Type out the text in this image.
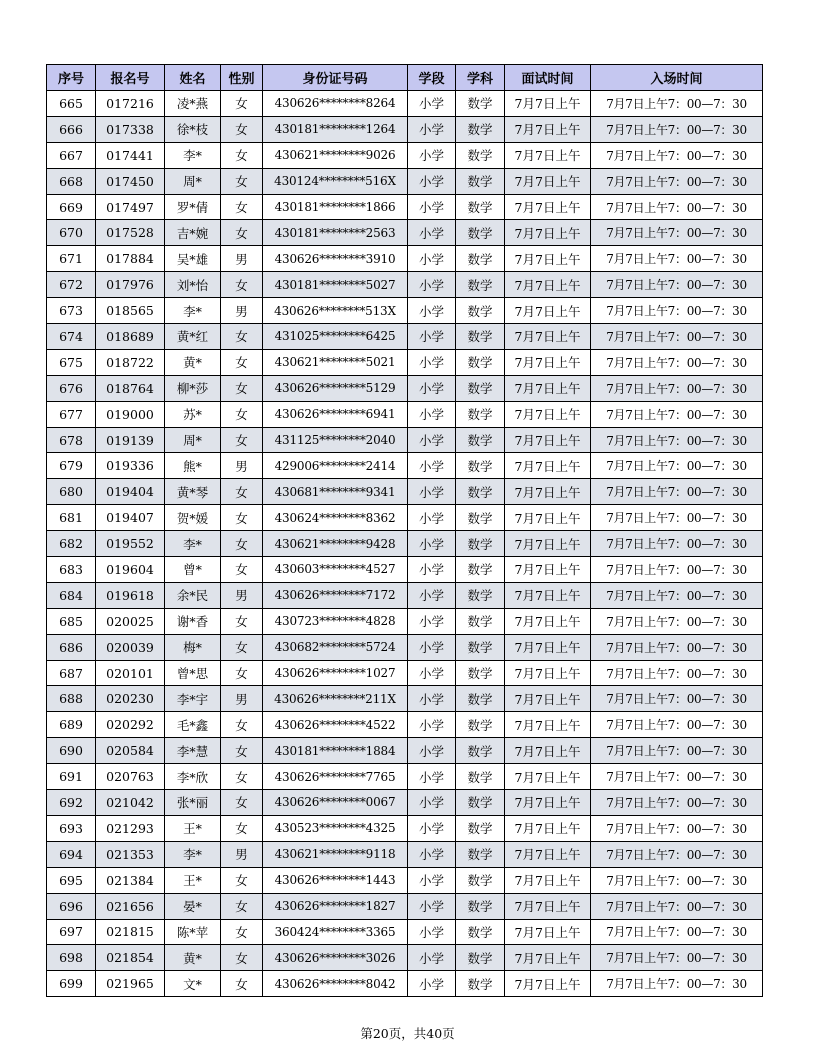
序号	报名号	姓名	性别	身份证号码	学段	学科	面试时间	入场时间
665	017216	凌*燕	女	430626********8264	小学	数学	7月7日上午	7月7日上午7：00—7：30
666	017338	徐*枝	女	430181********1264	小学	数学	7月7日上午	7月7日上午7：00—7：30
667	017441	李*	女	430621********9026	小学	数学	7月7日上午	7月7日上午7：00—7：30
668	017450	周*	女	430124********516X	小学	数学	7月7日上午	7月7日上午7：00—7：30
669	017497	罗*倩	女	430181********1866	小学	数学	7月7日上午	7月7日上午7：00—7：30
670	017528	吉*婉	女	430181********2563	小学	数学	7月7日上午	7月7日上午7：00—7：30
671	017884	吴*雄	男	430626********3910	小学	数学	7月7日上午	7月7日上午7：00—7：30
672	017976	刘*怡	女	430181********5027	小学	数学	7月7日上午	7月7日上午7：00—7：30
673	018565	李*	男	430626********513X	小学	数学	7月7日上午	7月7日上午7：00—7：30
674	018689	黄*红	女	431025********6425	小学	数学	7月7日上午	7月7日上午7：00—7：30
675	018722	黄*	女	430621********5021	小学	数学	7月7日上午	7月7日上午7：00—7：30
676	018764	柳*莎	女	430626********5129	小学	数学	7月7日上午	7月7日上午7：00—7：30
677	019000	苏*	女	430626********6941	小学	数学	7月7日上午	7月7日上午7：00—7：30
678	019139	周*	女	431125********2040	小学	数学	7月7日上午	7月7日上午7：00—7：30
679	019336	熊*	男	429006********2414	小学	数学	7月7日上午	7月7日上午7：00—7：30
680	019404	黄*琴	女	430681********9341	小学	数学	7月7日上午	7月7日上午7：00—7：30
681	019407	贺*媛	女	430624********8362	小学	数学	7月7日上午	7月7日上午7：00—7：30
682	019552	李*	女	430621********9428	小学	数学	7月7日上午	7月7日上午7：00—7：30
683	019604	曾*	女	430603********4527	小学	数学	7月7日上午	7月7日上午7：00—7：30
684	019618	余*民	男	430626********7172	小学	数学	7月7日上午	7月7日上午7：00—7：30
685	020025	谢*香	女	430723********4828	小学	数学	7月7日上午	7月7日上午7：00—7：30
686	020039	梅*	女	430682********5724	小学	数学	7月7日上午	7月7日上午7：00—7：30
687	020101	曾*思	女	430626********1027	小学	数学	7月7日上午	7月7日上午7：00—7：30
688	020230	李*宇	男	430626********211X	小学	数学	7月7日上午	7月7日上午7：00—7：30
689	020292	毛*鑫	女	430626********4522	小学	数学	7月7日上午	7月7日上午7：00—7：30
690	020584	李*慧	女	430181********1884	小学	数学	7月7日上午	7月7日上午7：00—7：30
691	020763	李*欣	女	430626********7765	小学	数学	7月7日上午	7月7日上午7：00—7：30
692	021042	张*丽	女	430626********0067	小学	数学	7月7日上午	7月7日上午7：00—7：30
693	021293	王*	女	430523********4325	小学	数学	7月7日上午	7月7日上午7：00—7：30
694	021353	李*	男	430621********9118	小学	数学	7月7日上午	7月7日上午7：00—7：30
695	021384	王*	女	430626********1443	小学	数学	7月7日上午	7月7日上午7：00—7：30
696	021656	晏*	女	430626********1827	小学	数学	7月7日上午	7月7日上午7：00—7：30
697	021815	陈*苹	女	360424********3365	小学	数学	7月7日上午	7月7日上午7：00—7：30
698	021854	黄*	女	430626********3026	小学	数学	7月7日上午	7月7日上午7：00—7：30
699	021965	文*	女	430626********8042	小学	数学	7月7日上午	7月7日上午7：00—7：30
第20页，共40页
